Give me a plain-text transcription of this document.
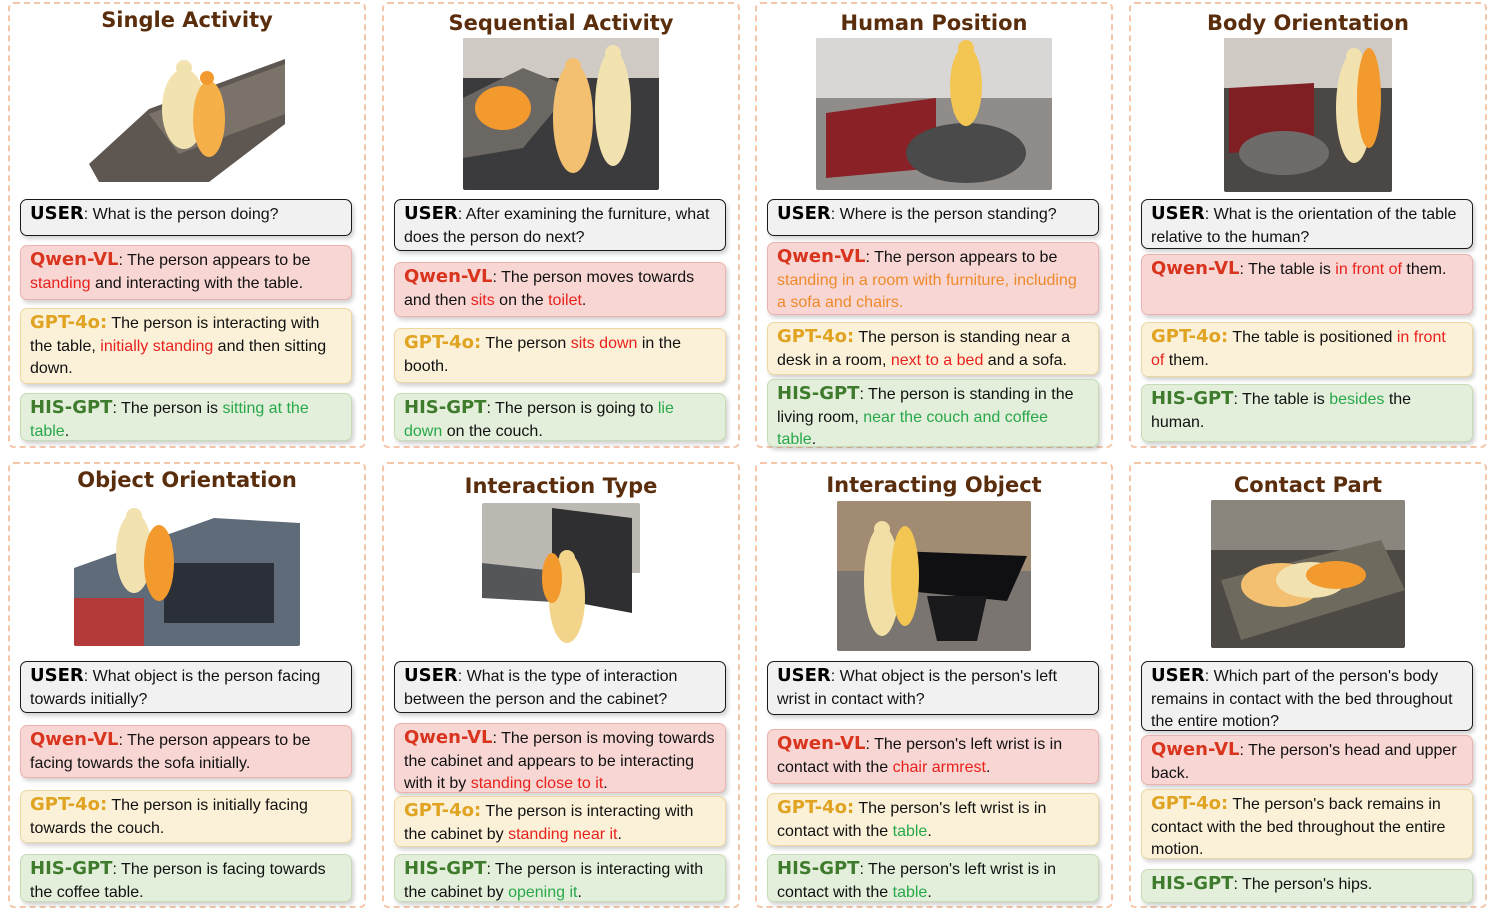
Single Activity
USER: What is the person doing?
Qwen-VL: The person appears to be standing and interacting with the table.
GPT-4o: The person is interacting with the table, initially standing and then sitting down.
HIS-GPT: The person is sitting at the table.
Sequential Activity
USER: After examining the furniture, what does the person do next?
Qwen-VL: The person moves towards and then sits on the toilet.
GPT-4o: The person sits down in the booth.
HIS-GPT: The person is going to lie down on the couch.
Human Position
USER: Where is the person standing?
Qwen-VL: The person appears to be standing in a room with furniture, including a sofa and chairs.
GPT-4o: The person is standing near a desk in a room, next to a bed and a sofa.
HIS-GPT: The person is standing in the living room, near the couch and coffee table.
Body Orientation
USER: What is the orientation of the table relative to the human?
Qwen-VL: The table is in front of them.
GPT-4o: The table is positioned in front of them.
HIS-GPT: The table is besides the human.
Object Orientation
USER: What object is the person facing towards initially?
Qwen-VL: The person appears to be facing towards the sofa initially.
GPT-4o: The person is initially facing towards the couch.
HIS-GPT: The person is facing towards the coffee table.
Interaction Type
USER: What is the type of interaction between the person and the cabinet?
Qwen-VL: The person is moving towards the cabinet and appears to be interacting with it by standing close to it.
GPT-4o: The person is interacting with the cabinet by standing near it.
HIS-GPT: The person is interacting with the cabinet by opening it.
Interacting Object
USER: What object is the person's left wrist in contact with?
Qwen-VL: The person's left wrist is in contact with the chair armrest.
GPT-4o: The person's left wrist is in contact with the table.
HIS-GPT: The person's left wrist is in contact with the table.
Contact Part
USER: Which part of the person's body remains in contact with the bed throughout the entire motion?
Qwen-VL: The person's head and upper back.
GPT-4o: The person's back remains in contact with the bed throughout the entire motion.
HIS-GPT: The person's hips.
